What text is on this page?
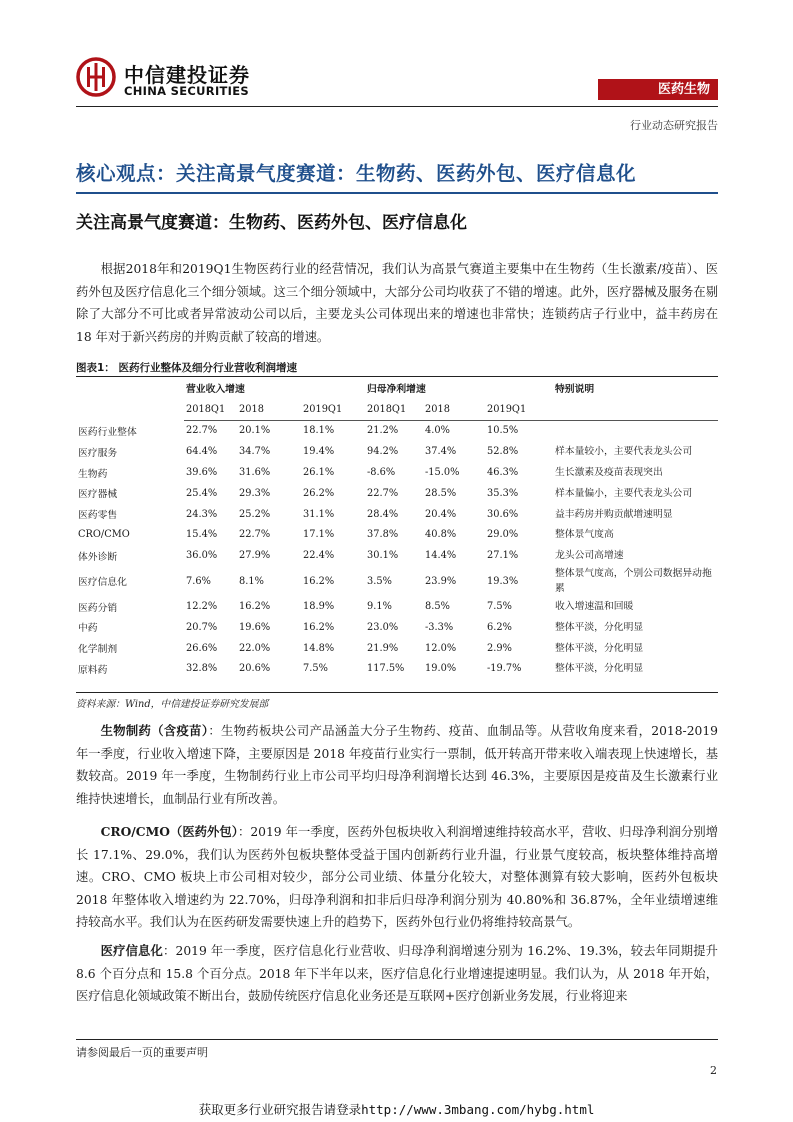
中信建投证券
CHINA SECURITIES	医药生物
行业动态研究报告
核心观点：关注高景气度赛道：生物药、医药外包、医疗信息化
关注高景气度赛道：生物药、医药外包、医疗信息化

根据2018年和2019Q1生物医药行业的经营情况，我们认为高景气赛道主要集中在生物药（生长激素/疫苗）、医药外包及医疗信息化三个细分领域。这三个细分领域中，大部分公司均收获了不错的增速。此外，医疗器械及服务在剔除了大部分不可比或者异常波动公司以后，主要龙头公司体现出来的增速也非常快；连锁药店子行业中，益丰药房在 18 年对于新兴药房的并购贡献了较高的增速。

图表1： 医药行业整体及细分行业营收利润增速
	营业收入增速			归母净利增速			特别说明
	2018Q1	2018	2019Q1	2018Q1	2018	2019Q1	
医药行业整体	22.7%	20.1%	18.1%	21.2%	4.0%	10.5%	
医疗服务	64.4%	34.7%	19.4%	94.2%	37.4%	52.8%	样本量较小，主要代表龙头公司
生物药	39.6%	31.6%	26.1%	-8.6%	-15.0%	46.3%	生长激素及疫苗表现突出
医疗器械	25.4%	29.3%	26.2%	22.7%	28.5%	35.3%	样本量偏小，主要代表龙头公司
医药零售	24.3%	25.2%	31.1%	28.4%	20.4%	30.6%	益丰药房并购贡献增速明显
CRO/CMO	15.4%	22.7%	17.1%	37.8%	40.8%	29.0%	整体景气度高
体外诊断	36.0%	27.9%	22.4%	30.1%	14.4%	27.1%	龙头公司高增速
医疗信息化	7.6%	8.1%	16.2%	3.5%	23.9%	19.3%	整体景气度高，个别公司数据异动拖累
医药分销	12.2%	16.2%	18.9%	9.1%	8.5%	7.5%	收入增速温和回暖
中药	20.7%	19.6%	16.2%	23.0%	-3.3%	6.2%	整体平淡，分化明显
化学制剂	26.6%	22.0%	14.8%	21.9%	12.0%	2.9%	整体平淡，分化明显
原料药	32.8%	20.6%	7.5%	117.5%	19.0%	-19.7%	整体平淡，分化明显
资料来源：Wind，中信建投证券研究发展部

生物制药（含疫苗）：生物药板块公司产品涵盖大分子生物药、疫苗、血制品等。从营收角度来看，2018-2019 年一季度，行业收入增速下降，主要原因是 2018 年疫苗行业实行一票制，低开转高开带来收入端表现上快速增长，基数较高。2019 年一季度，生物制药行业上市公司平均归母净利润增长达到 46.3%，主要原因是疫苗及生长激素行业维持快速增长，血制品行业有所改善。

CRO/CMO（医药外包）：2019 年一季度，医药外包板块收入利润增速维持较高水平，营收、归母净利润分别增长 17.1%、29.0%，我们认为医药外包板块整体受益于国内创新药行业升温，行业景气度较高，板块整体维持高增速。CRO、CMO 板块上市公司相对较少，部分公司业绩、体量分化较大，对整体测算有较大影响，医药外包板块 2018 年整体收入增速约为 22.70%，归母净利润和扣非后归母净利润分别为 40.80%和 36.87%，全年业绩增速维持较高水平。我们认为在医药研发需要快速上升的趋势下，医药外包行业仍将维持较高景气。

医疗信息化：2019 年一季度，医疗信息化行业营收、归母净利润增速分别为 16.2%、19.3%，较去年同期提升 8.6 个百分点和 15.8 个百分点。2018 年下半年以来，医疗信息化行业增速提速明显。我们认为，从 2018 年开始，医疗信息化领域政策不断出台，鼓励传统医疗信息化业务还是互联网+医疗创新业务发展，行业将迎来

请参阅最后一页的重要声明
2
获取更多行业研究报告请登录http://www.3mbang.com/hybg.html
